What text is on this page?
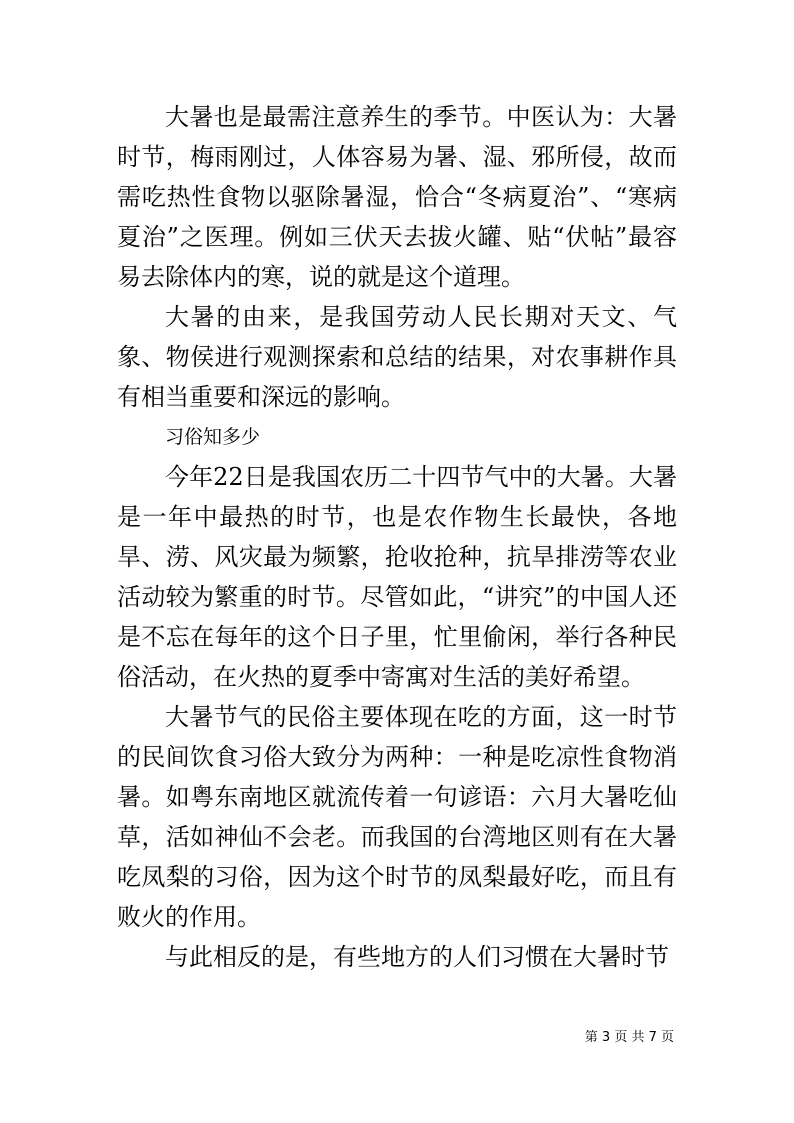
大暑也是最需注意养生的季节。中医认为：大暑时节，梅雨刚过，人体容易为暑、湿、邪所侵，故而需吃热性食物以驱除暑湿，恰合“冬病夏治”、“寒病夏治”之医理。例如三伏天去拔火罐、贴“伏帖”最容易去除体内的寒，说的就是这个道理。

大暑的由来，是我国劳动人民长期对天文、气象、物侯进行观测探索和总结的结果，对农事耕作具有相当重要和深远的影响。

习俗知多少

今年22日是我国农历二十四节气中的大暑。大暑是一年中最热的时节，也是农作物生长最快，各地旱、涝、风灾最为频繁，抢收抢种，抗旱排涝等农业活动较为繁重的时节。尽管如此，“讲究”的中国人还是不忘在每年的这个日子里，忙里偷闲，举行各种民俗活动，在火热的夏季中寄寓对生活的美好希望。

大暑节气的民俗主要体现在吃的方面，这一时节的民间饮食习俗大致分为两种：一种是吃凉性食物消暑。如粤东南地区就流传着一句谚语：六月大暑吃仙草，活如神仙不会老。而我国的台湾地区则有在大暑吃凤梨的习俗，因为这个时节的凤梨最好吃，而且有败火的作用。

与此相反的是，有些地方的人们习惯在大暑时节

第 3 页 共 7 页
